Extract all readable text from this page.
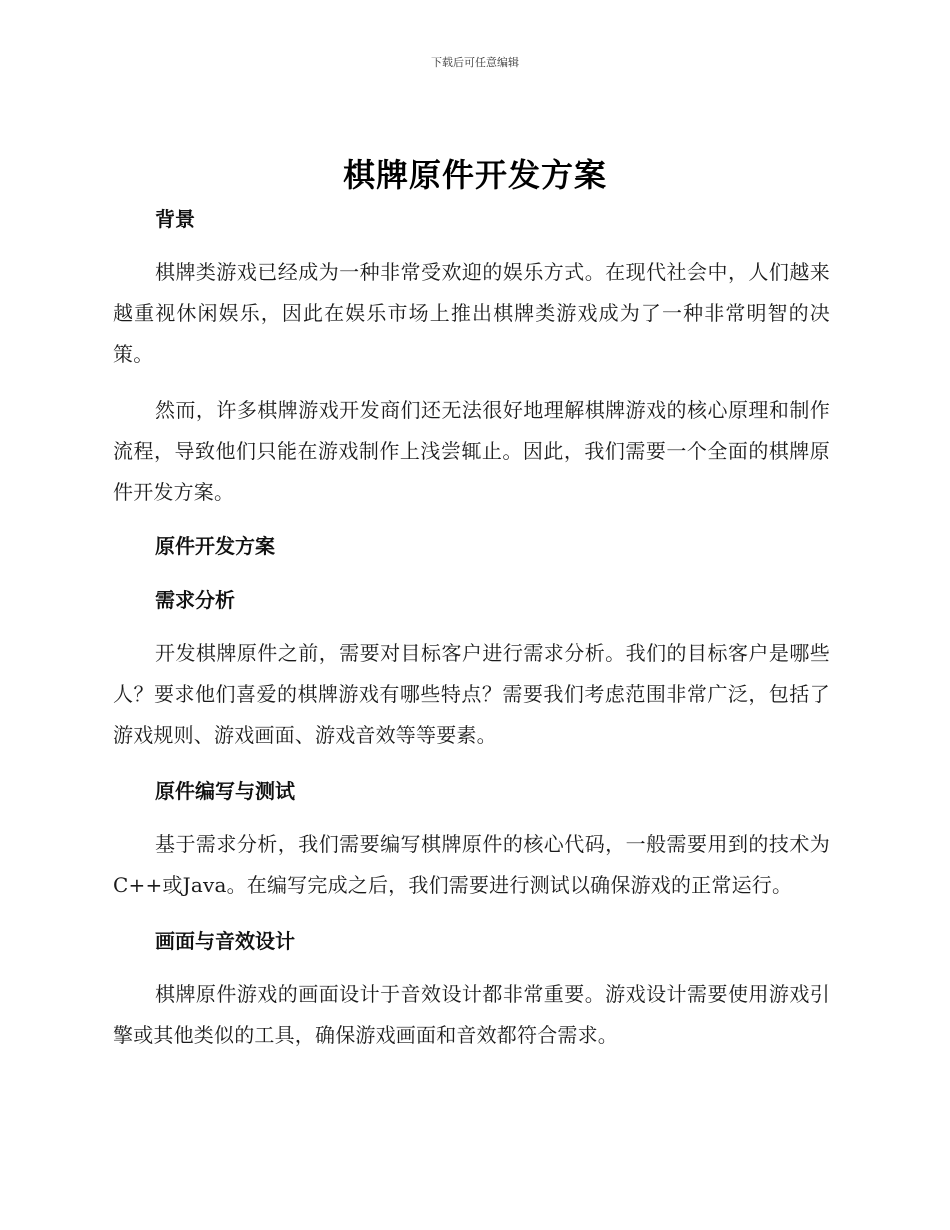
下载后可任意编辑
棋牌原件开发方案
背景

棋牌类游戏已经成为一种非常受欢迎的娱乐方式。在现代社会中，人们越来越重视休闲娱乐，因此在娱乐市场上推出棋牌类游戏成为了一种非常明智的决策。

然而，许多棋牌游戏开发商们还无法很好地理解棋牌游戏的核心原理和制作流程，导致他们只能在游戏制作上浅尝辄止。因此，我们需要一个全面的棋牌原件开发方案。

原件开发方案
需求分析

开发棋牌原件之前，需要对目标客户进行需求分析。我们的目标客户是哪些人？要求他们喜爱的棋牌游戏有哪些特点？需要我们考虑范围非常广泛，包括了游戏规则、游戏画面、游戏音效等等要素。

原件编写与测试

基于需求分析，我们需要编写棋牌原件的核心代码，一般需要用到的技术为C++或Java。在编写完成之后，我们需要进行测试以确保游戏的正常运行。

画面与音效设计

棋牌原件游戏的画面设计于音效设计都非常重要。游戏设计需要使用游戏引擎或其他类似的工具，确保游戏画面和音效都符合需求。
